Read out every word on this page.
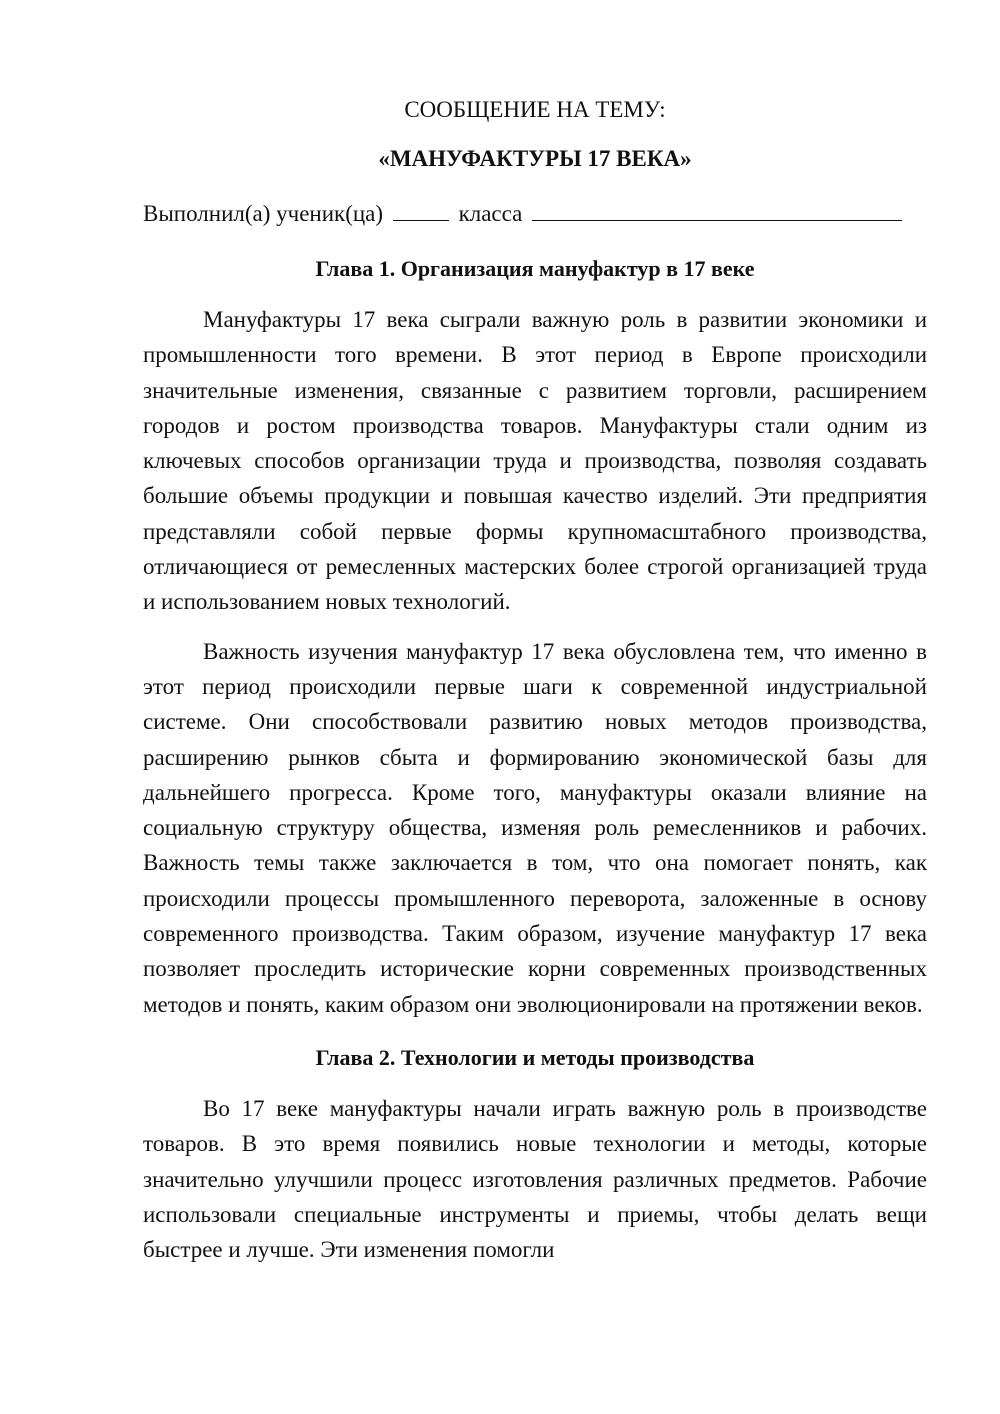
СООБЩЕНИЕ НА ТЕМУ:

«МАНУФАКТУРЫ 17 ВЕКА»

Выполнил(а) ученик(ца)	класса
Глава 1. Организация мануфактур в 17 веке

Мануфактуры 17 века сыграли важную роль в развитии экономики и промышленности того времени. В этот период в Европе происходили значительные изменения, связанные с развитием торговли, расширением городов и ростом производства товаров. Мануфактуры стали одним из ключевых способов организации труда и производства, позволяя создавать большие объемы продукции и повышая качество изделий. Эти предприятия представляли собой первые формы крупномасштабного производства, отличающиеся от ремесленных мастерских более строгой организацией труда и использованием новых технологий.

Важность изучения мануфактур 17 века обусловлена тем, что именно в этот период происходили первые шаги к современной индустриальной системе. Они способствовали развитию новых методов производства, расширению рынков сбыта и формированию экономической базы для дальнейшего прогресса. Кроме того, мануфактуры оказали влияние на социальную структуру общества, изменяя роль ремесленников и рабочих. Важность темы также заключается в том, что она помогает понять, как происходили процессы промышленного переворота, заложенные в основу современного производства. Таким образом, изучение мануфактур 17 века позволяет проследить исторические корни современных производственных методов и понять, каким образом они эволюционировали на протяжении веков.

Глава 2. Технологии и методы производства

Во 17 веке мануфактуры начали играть важную роль в производстве товаров. В это время появились новые технологии и методы, которые значительно улучшили процесс изготовления различных предметов. Рабочие использовали специальные инструменты и приемы, чтобы делать вещи быстрее и лучше. Эти изменения помогли
